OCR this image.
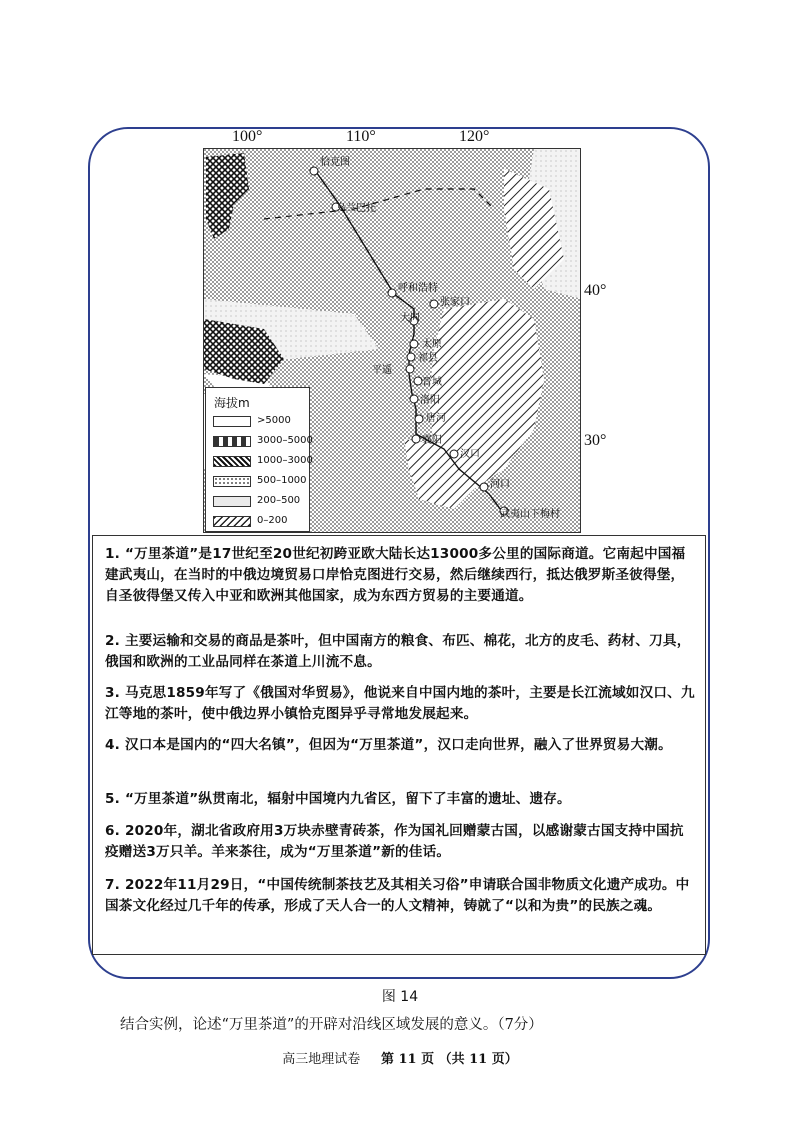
100°	110°	120°
40°
30°
恰克图
乌兰巴托
呼和浩特
张家口
大同
太原
祁县
平遥
晋城
洛阳
唐河
襄阳
汉口
河口
武夷山下梅村
海拔m
>5000
3000–5000
1000–3000
500–1000
200–500
0–200
1. “万里茶道”是17世纪至20世纪初跨亚欧大陆长达13000多公里的国际商道。它南起中国福建武夷山，在当时的中俄边境贸易口岸恰克图进行交易，然后继续西行，抵达俄罗斯圣彼得堡，自圣彼得堡又传入中亚和欧洲其他国家，成为东西方贸易的主要通道。
2. 主要运输和交易的商品是茶叶，但中国南方的粮食、布匹、棉花，北方的皮毛、药材、刀具，俄国和欧洲的工业品同样在茶道上川流不息。
3. 马克思1859年写了《俄国对华贸易》，他说来自中国内地的茶叶，主要是长江流域如汉口、九江等地的茶叶，使中俄边界小镇恰克图异乎寻常地发展起来。
4. 汉口本是国内的“四大名镇”，但因为“万里茶道”，汉口走向世界，融入了世界贸易大潮。
5. “万里茶道”纵贯南北，辐射中国境内九省区，留下了丰富的遗址、遗存。
6. 2020年，湖北省政府用3万块赤壁青砖茶，作为国礼回赠蒙古国，以感谢蒙古国支持中国抗疫赠送3万只羊。羊来茶往，成为“万里茶道”新的佳话。
7. 2022年11月29日，“中国传统制茶技艺及其相关习俗”申请联合国非物质文化遗产成功。中国茶文化经过几千年的传承，形成了天人合一的人文精神，铸就了“以和为贵”的民族之魂。
图 14
结合实例，论述“万里茶道”的开辟对沿线区域发展的意义。（7分）
高三地理试卷 第 11 页 （共 11 页）
